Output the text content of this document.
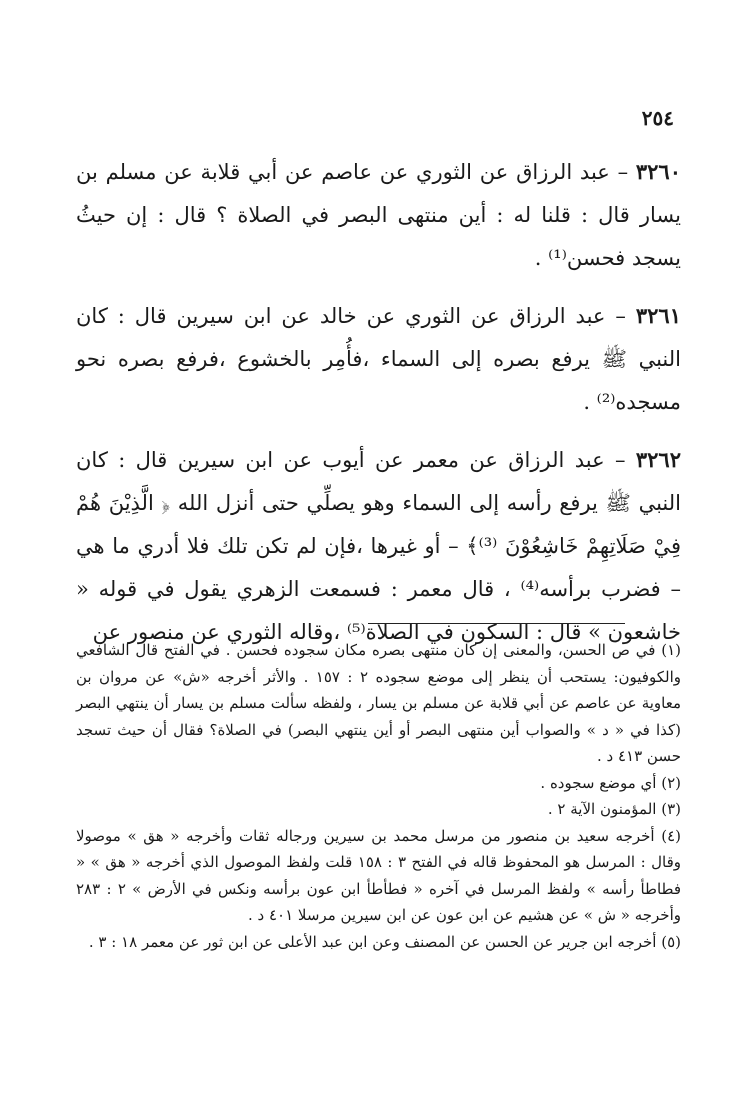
٢٥٤

٣٢٦٠ – عبد الرزاق عن الثوري عن عاصم عن أبي قلابة عن مسلم بن يسار قال : قلنا له : أين منتهى البصر في الصلاة ؟ قال : إن حيثُ يسجد فحسن⁽¹⁾ .

٣٢٦١ – عبد الرزاق عن الثوري عن خالد عن ابن سيرين قال : كان النبي ﷺ يرفع بصره إلى السماء ،فأُمِر بالخشوع ،فرفع بصره نحو مسجده⁽²⁾ .

٣٢٦٢ – عبد الرزاق عن معمر عن أيوب عن ابن سيرين قال : كان النبي ﷺ يرفع رأسه إلى السماء وهو يصلِّي حتى أنزل الله ﴿ الَّذِيْنَ هُمْ فِيْ صَلَاتِهِمْ خَاشِعُوْنَ ⁽³⁾﴾ – أو غيرها ،فإن لم تكن تلك فلا أدري ما هي – فضرب برأسه⁽⁴⁾ ، قال معمر : فسمعت الزهري يقول في قوله « خاشعون » قال : السكون في الصلاة⁽⁵⁾ ،وقاله الثوري عن منصور عن

(١) في ص الحسن، والمعنى إن كان منتهى بصره مكان سجوده فحسن . في الفتح قال الشافعي والكوفيون: يستحب أن ينظر إلى موضع سجوده ٢ : ١٥٧ . والأثر أخرجه «ش» عن مروان بن معاوية عن عاصم عن أبي قلابة عن مسلم بن يسار ، ولفظه سألت مسلم بن يسار أن ينتهي البصر (كذا في « د » والصواب أين منتهى البصر أو أين ينتهي البصر) في الصلاة؟ فقال أن حيث تسجد حسن ٤١٣ د .

(٢) أي موضع سجوده .

(٣) المؤمنون الآية ٢ .

(٤) أخرجه سعيد بن منصور من مرسل محمد بن سيرين ورجاله ثقات وأخرجه « هق » موصولا وقال : المرسل هو المحفوظ قاله في الفتح ٣ : ١٥٨ قلت ولفظ الموصول الذي أخرجه « هق » « فطاطأ رأسه » ولفظ المرسل في آخره « فطأطأ ابن عون برأسه ونكس في الأرض » ٢ : ٢٨٣ وأخرجه « ش » عن هشيم عن ابن عون عن ابن سيرين مرسلا ٤٠١ د .

(٥) أخرجه ابن جرير عن الحسن عن المصنف وعن ابن عبد الأعلى عن ابن ثور عن معمر ١٨ : ٣ .
